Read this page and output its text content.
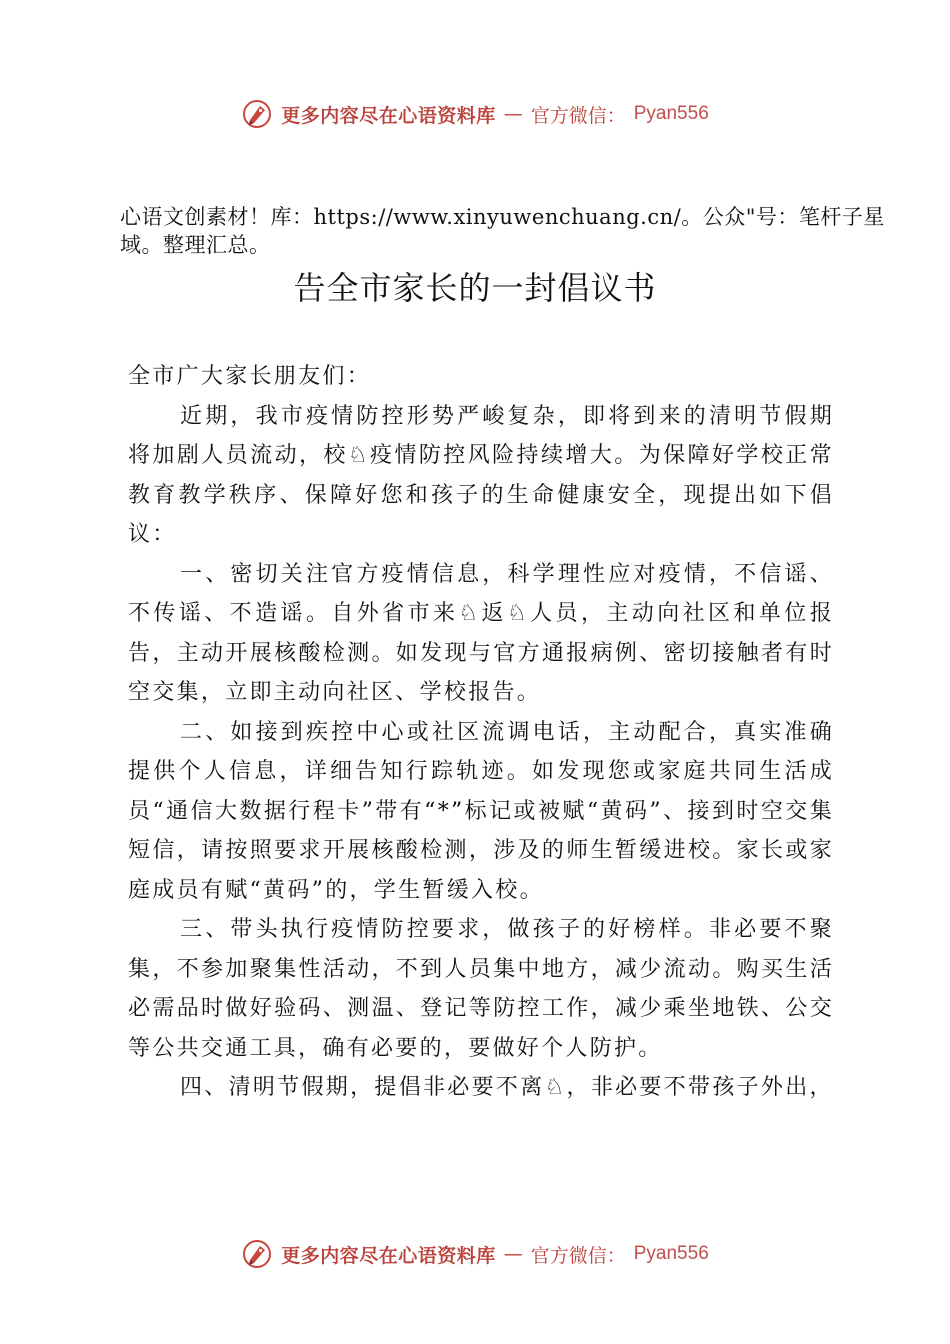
更多内容尽在心语资料库 — 官方微信： Pyan556
心语文创素材！库：https://www.xinyuwenchuang.cn/。公众"号：笔杆子星域。整理汇总。
告全市家长的一封倡议书

全市广大家长朋友们：

近期，我市疫情防控形势严峻复杂，即将到来的清明节假期将加剧人员流动，校♘疫情防控风险持续增大。为保障好学校正常教育教学秩序、保障好您和孩子的生命健康安全，现提出如下倡议：

一、密切关注官方疫情信息，科学理性应对疫情，不信谣、不传谣、不造谣。自外省市来♘返♘人员，主动向社区和单位报告，主动开展核酸检测。如发现与官方通报病例、密切接触者有时空交集，立即主动向社区、学校报告。

二、如接到疾控中心或社区流调电话，主动配合，真实准确提供个人信息，详细告知行踪轨迹。如发现您或家庭共同生活成员“通信大数据行程卡”带有“*”标记或被赋“黄码”、接到时空交集短信，请按照要求开展核酸检测，涉及的师生暂缓进校。家长或家庭成员有赋“黄码”的，学生暂缓入校。

三、带头执行疫情防控要求，做孩子的好榜样。非必要不聚集，不参加聚集性活动，不到人员集中地方，减少流动。购买生活必需品时做好验码、测温、登记等防控工作，减少乘坐地铁、公交等公共交通工具，确有必要的，要做好个人防护。

四、清明节假期，提倡非必要不离♘，非必要不带孩子外出，

更多内容尽在心语资料库 — 官方微信： Pyan556
